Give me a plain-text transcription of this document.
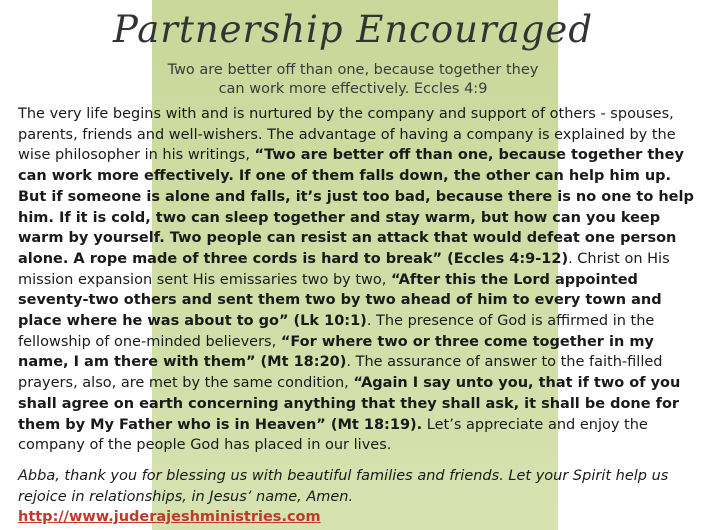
Partnership Encouraged

Two are better off than one, because together they
can work more effectively. Eccles 4:9

The very life begins with and is nurtured by the company and support of others - spouses, parents, friends and well-wishers. The advantage of having a company is explained by the wise philosopher in his writings, “Two are better off than one, because together they can work more effectively. If one of them falls down, the other can help him up. But if someone is alone and falls, it’s just too bad, because there is no one to help him. If it is cold, two can sleep together and stay warm, but how can you keep warm by yourself. Two people can resist an attack that would defeat one person alone. A rope made of three cords is hard to break” (Eccles 4:9-12). Christ on His mission expansion sent His emissaries two by two, “After this the Lord appointed seventy-two others and sent them two by two ahead of him to every town and place where he was about to go” (Lk 10:1). The presence of God is affirmed in the fellowship of one-minded believers, “For where two or three come together in my name, I am there with them” (Mt 18:20). The assurance of answer to the faith-filled prayers, also, are met by the same condition, “Again I say unto you, that if two of you shall agree on earth concerning anything that they shall ask, it shall be done for them by My Father who is in Heaven” (Mt 18:19). Let’s appreciate and enjoy the company of the people God has placed in our lives.

Abba, thank you for blessing us with beautiful families and friends. Let your Spirit help us rejoice in relationships, in Jesus’ name, Amen.

http://www.juderajeshministries.com
